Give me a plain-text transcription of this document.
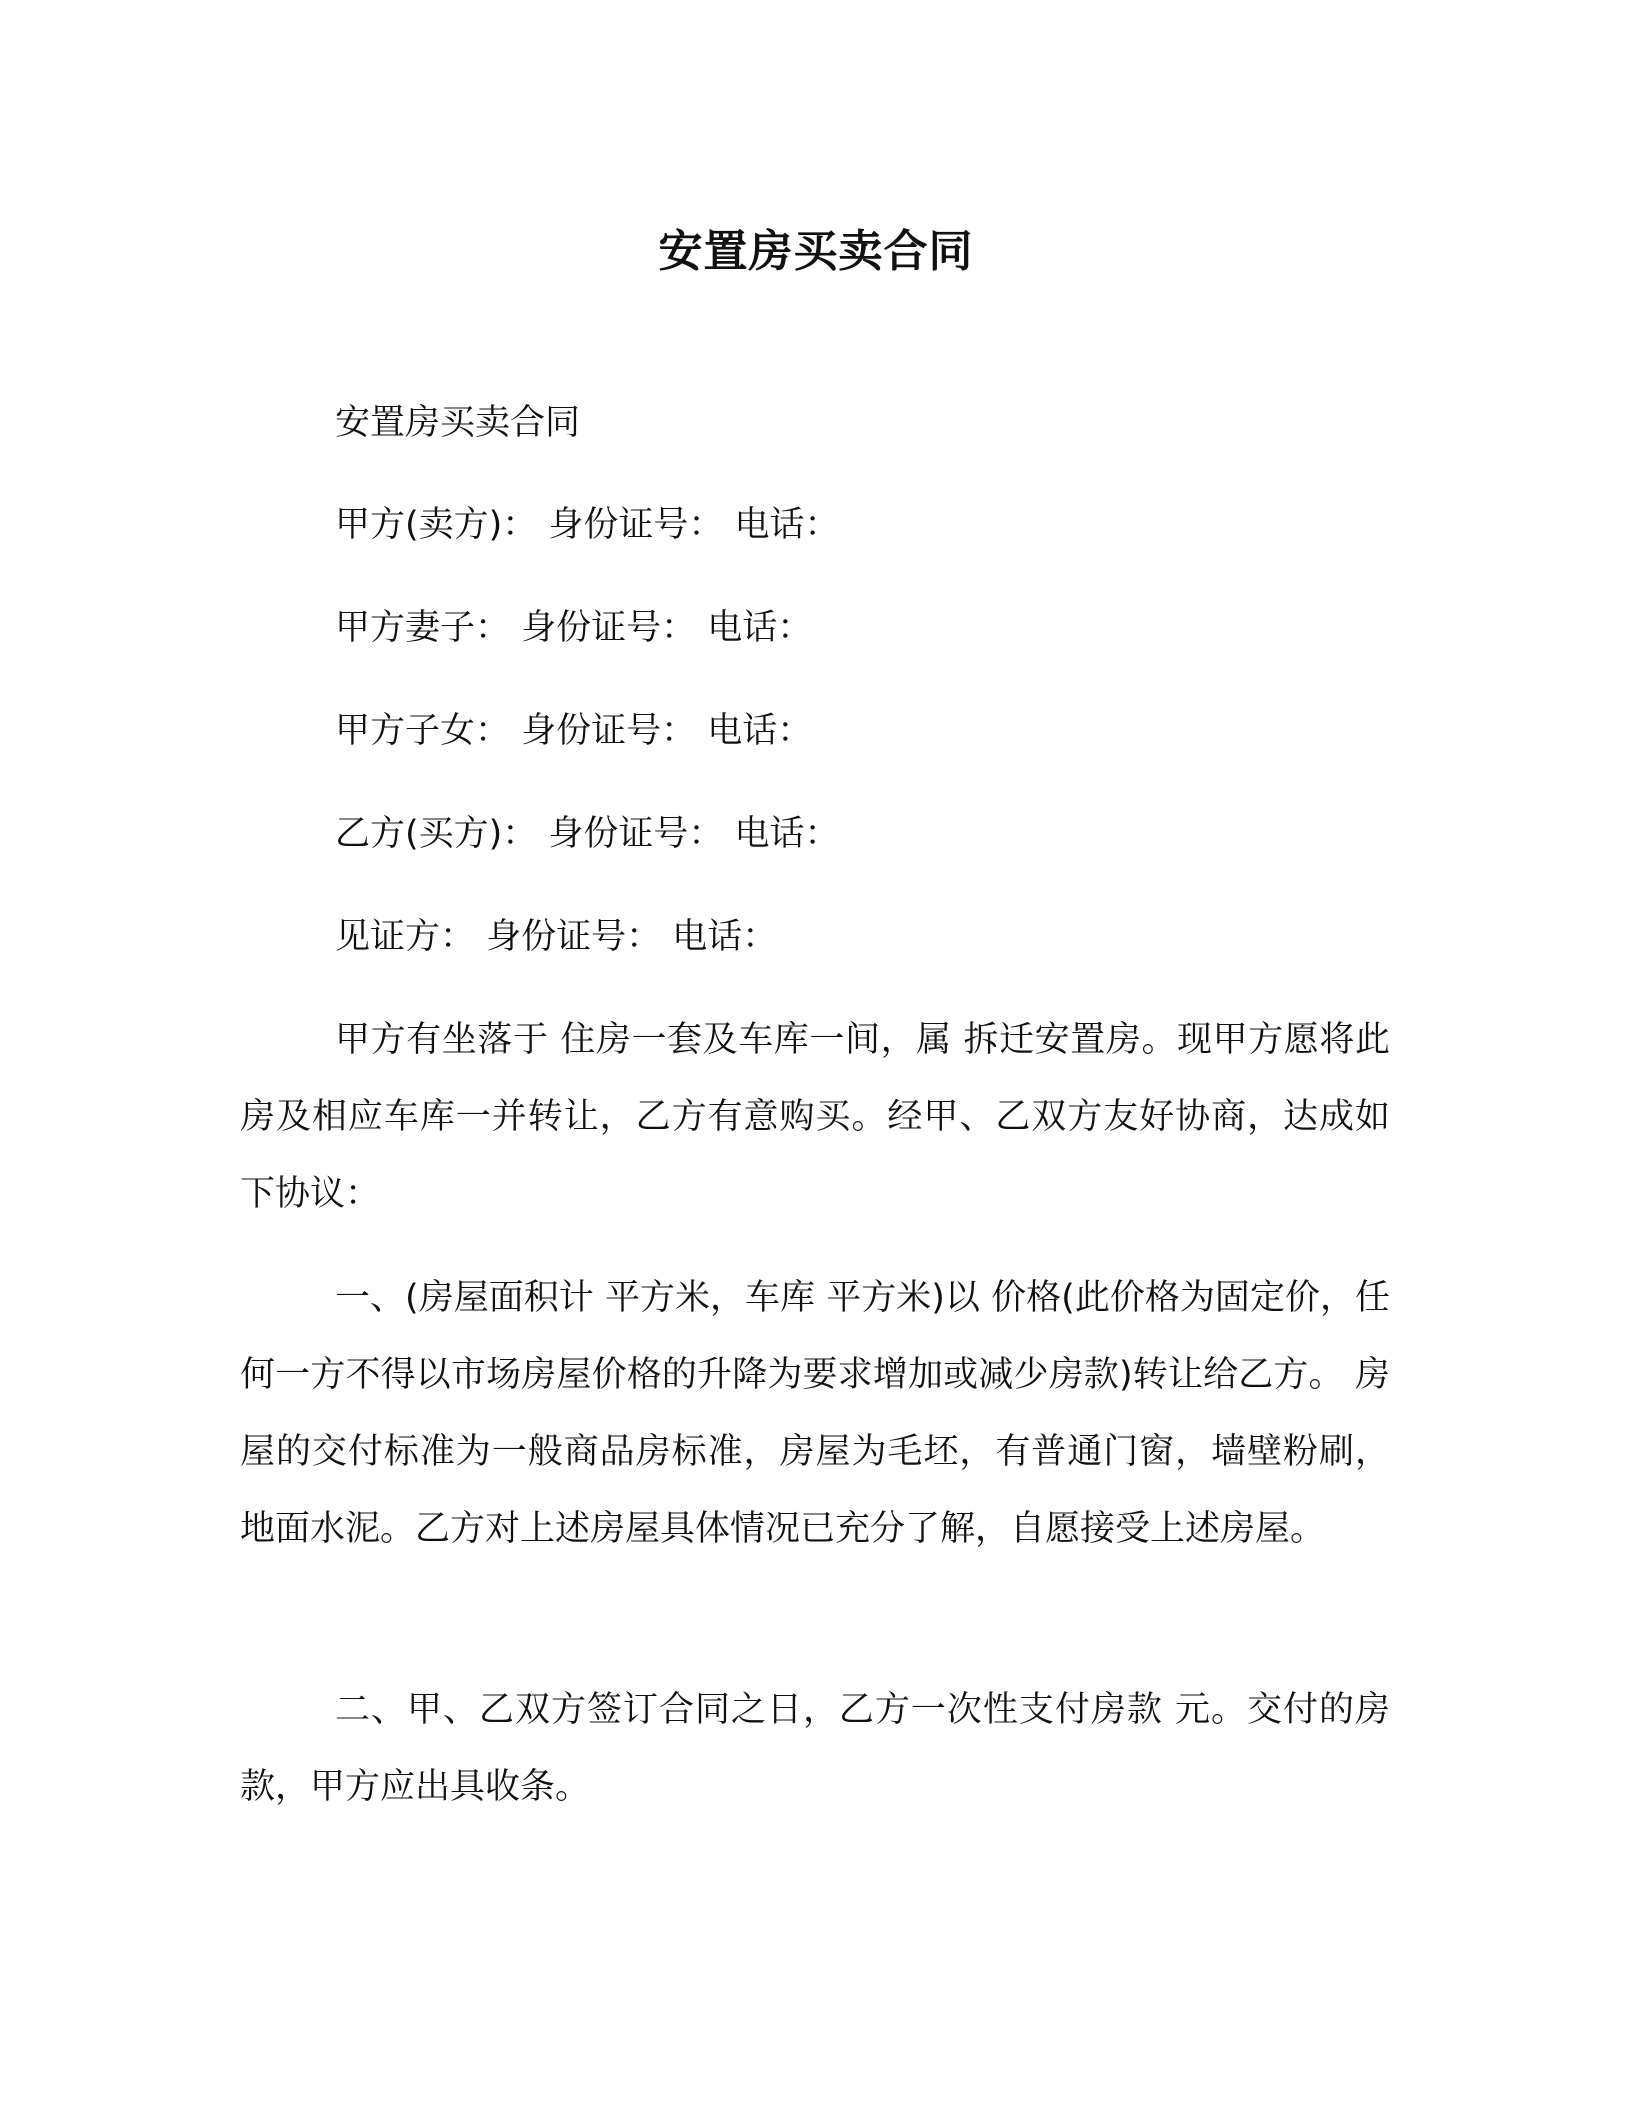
安置房买卖合同
安置房买卖合同
甲方(卖方)： 身份证号： 电话：
甲方妻子： 身份证号： 电话：
甲方子女： 身份证号： 电话：
乙方(买方)： 身份证号： 电话：
见证方： 身份证号： 电话：
甲方有坐落于 住房一套及车库一间，属 拆迁安置房。现甲方愿将此房及相应车库一并转让，乙方有意购买。经甲、乙双方友好协商，达成如下协议：
一、(房屋面积计 平方米，车库 平方米)以 价格(此价格为固定价，任何一方不得以市场房屋价格的升降为要求增加或减少房款)转让给乙方。 房屋的交付标准为一般商品房标准，房屋为毛坯，有普通门窗，墙壁粉刷，地面水泥。乙方对上述房屋具体情况已充分了解，自愿接受上述房屋。
二、甲、乙双方签订合同之日，乙方一次性支付房款 元。交付的房款，甲方应出具收条。
